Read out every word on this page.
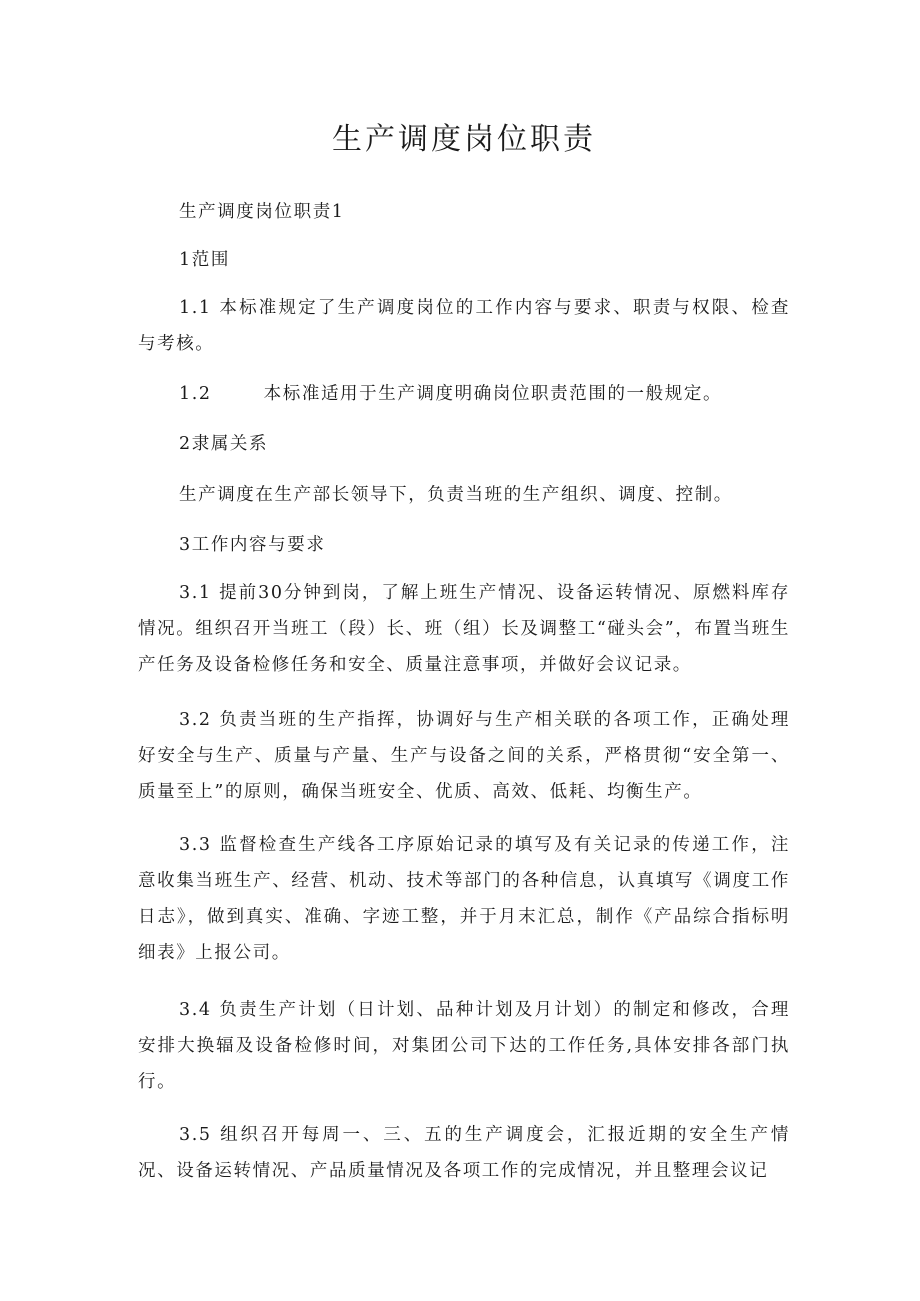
生产调度岗位职责

生产调度岗位职责1

1范围

1.1 本标准规定了生产调度岗位的工作内容与要求、职责与权限、检查与考核。

1.2	本标准适用于生产调度明确岗位职责范围的一般规定。

2隶属关系

生产调度在生产部长领导下，负责当班的生产组织、调度、控制。

3工作内容与要求

3.1 提前30分钟到岗，了解上班生产情况、设备运转情况、原燃料库存情况。组织召开当班工（段）长、班（组）长及调整工“碰头会”，布置当班生产任务及设备检修任务和安全、质量注意事项，并做好会议记录。

3.2 负责当班的生产指挥，协调好与生产相关联的各项工作，正确处理好安全与生产、质量与产量、生产与设备之间的关系，严格贯彻“安全第一、质量至上”的原则，确保当班安全、优质、高效、低耗、均衡生产。

3.3 监督检查生产线各工序原始记录的填写及有关记录的传递工作，注意收集当班生产、经营、机动、技术等部门的各种信息，认真填写《调度工作日志》，做到真实、准确、字迹工整，并于月末汇总，制作《产品综合指标明细表》上报公司。

3.4 负责生产计划（日计划、品种计划及月计划）的制定和修改，合理安排大换辐及设备检修时间，对集团公司下达的工作任务,具体安排各部门执行。

3.5 组织召开每周一、三、五的生产调度会，汇报近期的安全生产情况、设备运转情况、产品质量情况及各项工作的完成情况，并且整理会议记
